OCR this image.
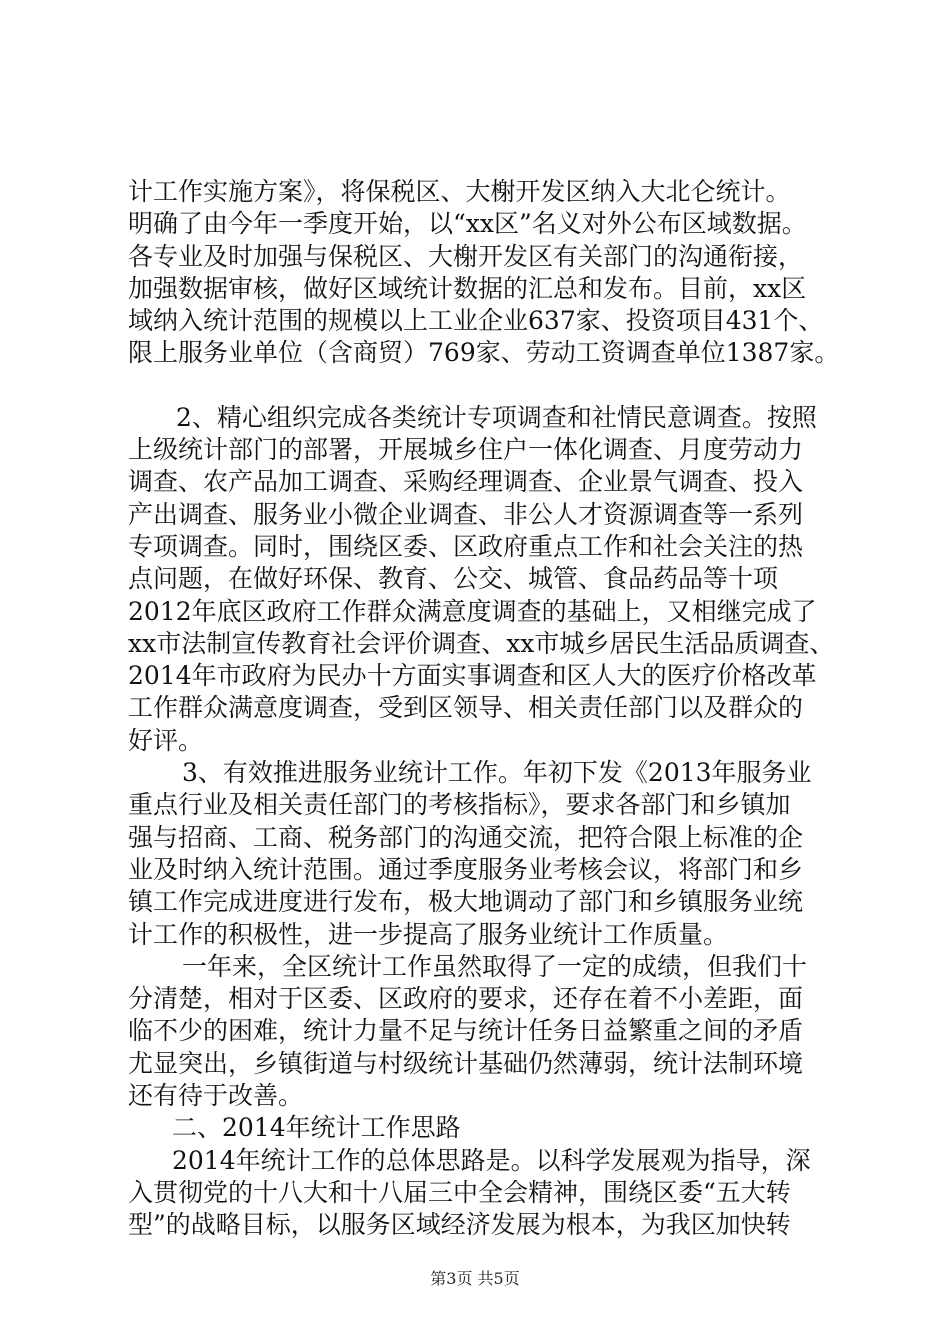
计工作实施方案》，将保税区、大榭开发区纳入大北仑统计。
明确了由今年一季度开始，以“xx区”名义对外公布区域数据。
各专业及时加强与保税区、大榭开发区有关部门的沟通衔接，
加强数据审核，做好区域统计数据的汇总和发布。目前，xx区
域纳入统计范围的规模以上工业企业637家、投资项目431个、
限上服务业单位（含商贸）769家、劳动工资调查单位1387家。

2、精心组织完成各类统计专项调查和社情民意调查。按照
上级统计部门的部署，开展城乡住户一体化调查、月度劳动力
调查、农产品加工调查、采购经理调查、企业景气调查、投入
产出调查、服务业小微企业调查、非公人才资源调查等一系列
专项调查。同时，围绕区委、区政府重点工作和社会关注的热
点问题，在做好环保、教育、公交、城管、食品药品等十项
2012年底区政府工作群众满意度调查的基础上，又相继完成了
xx市法制宣传教育社会评价调查、xx市城乡居民生活品质调查、
2014年市政府为民办十方面实事调查和区人大的医疗价格改革
工作群众满意度调查，受到区领导、相关责任部门以及群众的
好评。

3、有效推进服务业统计工作。年初下发《2013年服务业
重点行业及相关责任部门的考核指标》，要求各部门和乡镇加
强与招商、工商、税务部门的沟通交流，把符合限上标准的企
业及时纳入统计范围。通过季度服务业考核会议，将部门和乡
镇工作完成进度进行发布，极大地调动了部门和乡镇服务业统
计工作的积极性，进一步提高了服务业统计工作质量。

一年来，全区统计工作虽然取得了一定的成绩，但我们十
分清楚，相对于区委、区政府的要求，还存在着不小差距，面
临不少的困难，统计力量不足与统计任务日益繁重之间的矛盾
尤显突出，乡镇街道与村级统计基础仍然薄弱，统计法制环境
还有待于改善。

二、2014年统计工作思路

2014年统计工作的总体思路是。以科学发展观为指导，深
入贯彻党的十八大和十八届三中全会精神，围绕区委“五大转
型”的战略目标，以服务区域经济发展为根本，为我区加快转

第3页 共5页
